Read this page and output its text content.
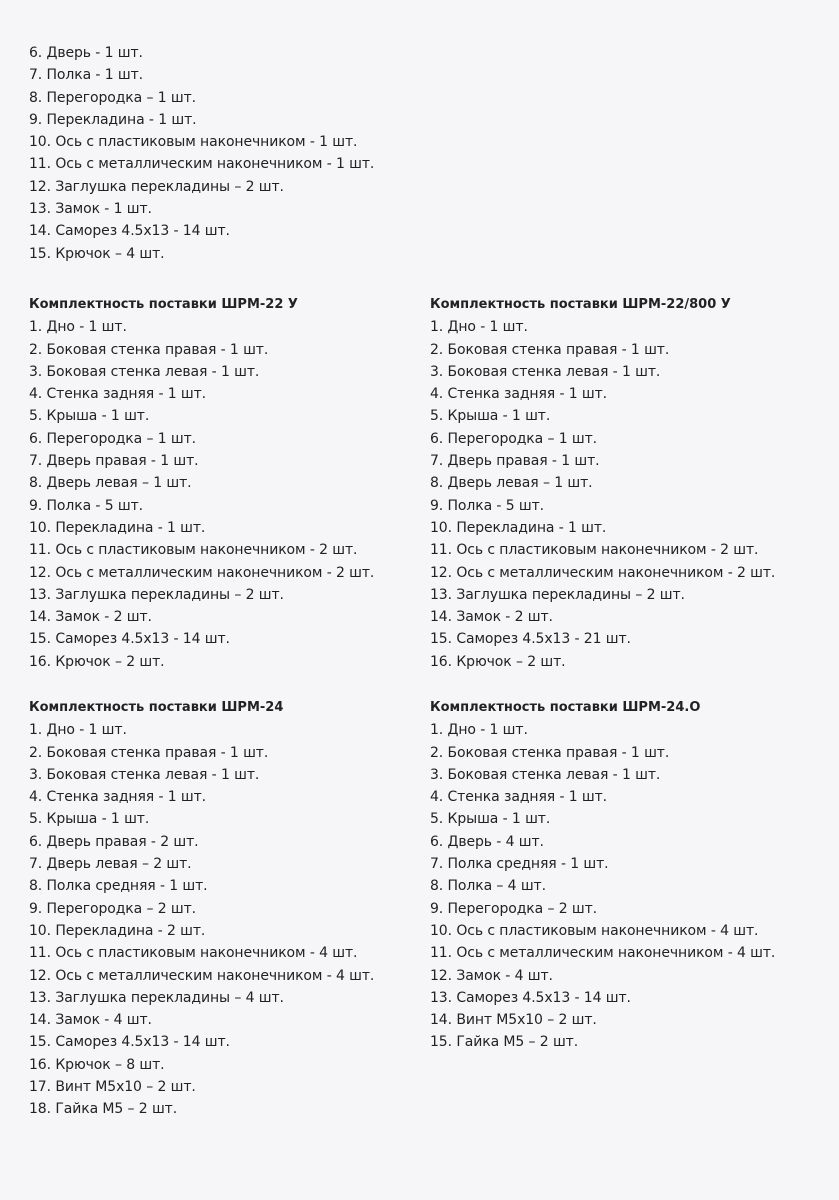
6. Дверь - 1 шт.
7. Полка - 1 шт.
8. Перегородка – 1 шт.
9. Перекладина - 1 шт.
10. Ось с пластиковым наконечником - 1 шт.
11. Ось с металлическим наконечником - 1 шт.
12. Заглушка перекладины – 2 шт.
13. Замок - 1 шт.
14. Саморез 4.5х13 - 14 шт.
15. Крючок – 4 шт.
Комплектность поставки ШРМ-22 У
1. Дно - 1 шт.
2. Боковая стенка правая - 1 шт.
3. Боковая стенка левая - 1 шт.
4. Стенка задняя - 1 шт.
5. Крыша - 1 шт.
6. Перегородка – 1 шт.
7. Дверь правая - 1 шт.
8. Дверь левая – 1 шт.
9. Полка - 5 шт.
10. Перекладина - 1 шт.
11. Ось с пластиковым наконечником - 2 шт.
12. Ось с металлическим наконечником - 2 шт.
13. Заглушка перекладины – 2 шт.
14. Замок - 2 шт.
15. Саморез 4.5х13 - 14 шт.
16. Крючок – 2 шт.
Комплектность поставки ШРМ-22/800 У
1. Дно - 1 шт.
2. Боковая стенка правая - 1 шт.
3. Боковая стенка левая - 1 шт.
4. Стенка задняя - 1 шт.
5. Крыша - 1 шт.
6. Перегородка – 1 шт.
7. Дверь правая - 1 шт.
8. Дверь левая – 1 шт.
9. Полка - 5 шт.
10. Перекладина - 1 шт.
11. Ось с пластиковым наконечником - 2 шт.
12. Ось с металлическим наконечником - 2 шт.
13. Заглушка перекладины – 2 шт.
14. Замок - 2 шт.
15. Саморез 4.5х13 - 21 шт.
16. Крючок – 2 шт.
Комплектность поставки ШРМ-24
1. Дно - 1 шт.
2. Боковая стенка правая - 1 шт.
3. Боковая стенка левая - 1 шт.
4. Стенка задняя - 1 шт.
5. Крыша - 1 шт.
6. Дверь правая - 2 шт.
7. Дверь левая – 2 шт.
8. Полка средняя - 1 шт.
9. Перегородка – 2 шт.
10. Перекладина - 2 шт.
11. Ось с пластиковым наконечником - 4 шт.
12. Ось с металлическим наконечником - 4 шт.
13. Заглушка перекладины – 4 шт.
14. Замок - 4 шт.
15. Саморез 4.5х13 - 14 шт.
16. Крючок – 8 шт.
17. Винт М5х10 – 2 шт.
18. Гайка М5 – 2 шт.
Комплектность поставки ШРМ-24.О
1. Дно - 1 шт.
2. Боковая стенка правая - 1 шт.
3. Боковая стенка левая - 1 шт.
4. Стенка задняя - 1 шт.
5. Крыша - 1 шт.
6. Дверь - 4 шт.
7. Полка средняя - 1 шт.
8. Полка – 4 шт.
9. Перегородка – 2 шт.
10. Ось с пластиковым наконечником - 4 шт.
11. Ось с металлическим наконечником - 4 шт.
12. Замок - 4 шт.
13. Саморез 4.5х13 - 14 шт.
14. Винт М5х10 – 2 шт.
15. Гайка М5 – 2 шт.
